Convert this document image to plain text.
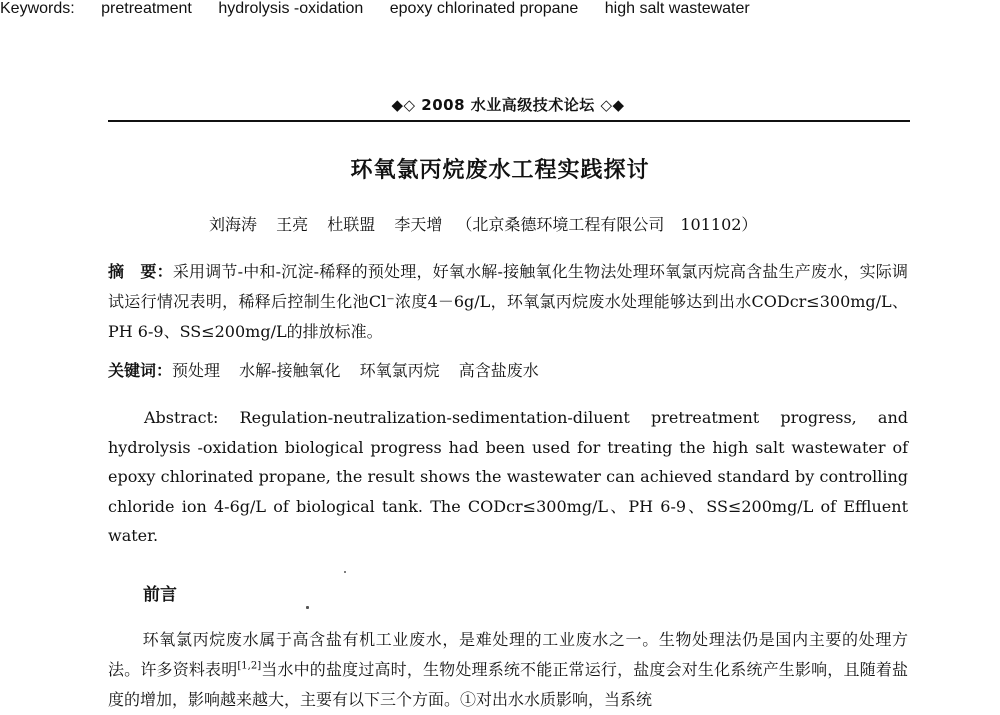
◆◇ 2008 水业高级技术论坛 ◇◆
环氧氯丙烷废水工程实践探讨
刘海涛 王亮 杜联盟 李天增 （北京桑德环境工程有限公司　101102）
摘　要：采用调节-中和-沉淀-稀释的预处理，好氧水解-接触氧化生物法处理环氧氯丙烷高含盐生产废水，实际调试运行情况表明，稀释后控制生化池Cl⁻浓度4－6g/L，环氧氯丙烷废水处理能够达到出水CODcr≤300mg/L、PH 6-9、SS≤200mg/L的排放标准。
关键词：预处理 水解-接触氧化 环氧氯丙烷 高含盐废水
Abstract: Regulation-neutralization-sedimentation-diluent pretreatment progress, and hydrolysis -oxidation biological progress had been used for treating the high salt wastewater of epoxy chlorinated propane, the result shows the wastewater can achieved standard by controlling chloride ion 4-6g/L of biological tank. The CODcr≤300mg/L、PH 6-9、SS≤200mg/L of Effluent water.
Keywords: pretreatment hydrolysis -oxidation epoxy chlorinated propane high salt wastewater
前言
环氧氯丙烷废水属于高含盐有机工业废水，是难处理的工业废水之一。生物处理法仍是国内主要的处理方法。许多资料表明[1,2]当水中的盐度过高时，生物处理系统不能正常运行，盐度会对生化系统产生影响，且随着盐度的增加，影响越来越大，主要有以下三个方面。①对出水水质影响，当系统
